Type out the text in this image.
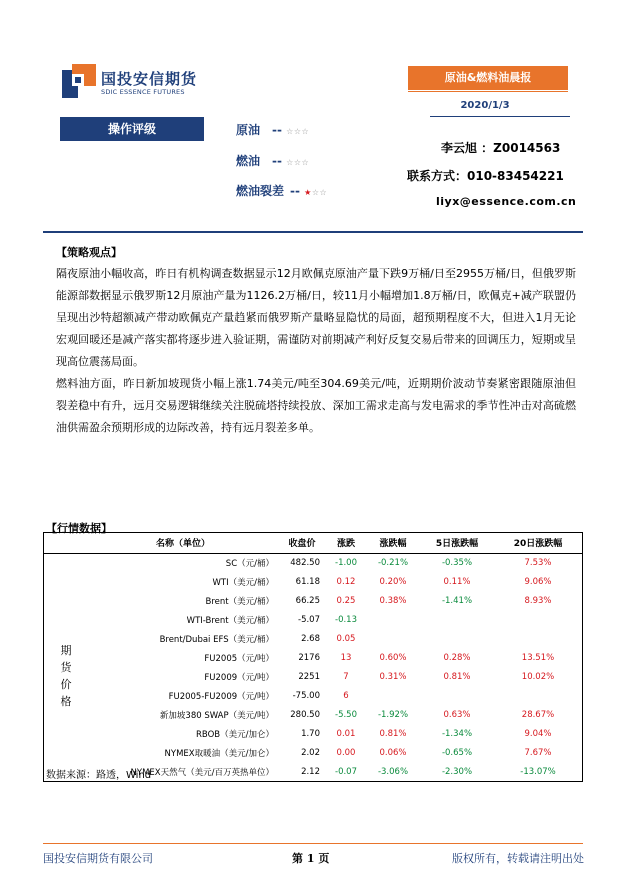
国投安信期货
SDIC ESSENCE FUTURES
原油&燃料油晨报
2020/1/3
操作评级	原油 -- ☆☆☆
燃油 -- ☆☆☆
燃油裂差 -- ★☆☆
李云旭 ：Z0014563
联系方式：010-83454221
liyx@essence.com.cn
【策略观点】
隔夜原油小幅收高，昨日有机构调查数据显示12月欧佩克原油产量下跌9万桶/日至2955万桶/日，但俄罗斯能源部数据显示俄罗斯12月原油产量为1126.2万桶/日，较11月小幅增加1.8万桶/日，欧佩克+减产联盟仍呈现出沙特超额减产带动欧佩克产量趋紧而俄罗斯产量略显隐忧的局面，超预期程度不大，但进入1月无论宏观回暖还是减产落实都将逐步进入验证期，需谨防对前期减产利好反复交易后带来的回调压力，短期或呈现高位震荡局面。
燃料油方面，昨日新加坡现货小幅上涨1.74美元/吨至304.69美元/吨，近期期价波动节奏紧密跟随原油但裂差稳中有升，远月交易逻辑继续关注脱硫塔持续投放、深加工需求走高与发电需求的季节性冲击对高硫燃油供需盈余预期形成的边际改善，持有远月裂差多单。
【行情数据】
	名称（单位）	收盘价	涨跌	涨跌幅	5日涨跌幅	20日涨跌幅
期
货
价
格	SC（元/桶）	482.50	-1.00	-0.21%	-0.35%	7.53%
	WTI（美元/桶）	61.18	0.12	0.20%	0.11%	9.06%
	Brent（美元/桶）	66.25	0.25	0.38%	-1.41%	8.93%
	WTI-Brent（美元/桶）	-5.07	-0.13			
	Brent/Dubai EFS（美元/桶）	2.68	0.05			
	FU2005（元/吨）	2176	13	0.60%	0.28%	13.51%
	FU2009（元/吨）	2251	7	0.31%	0.81%	10.02%
	FU2005-FU2009（元/吨）	-75.00	6			
	新加坡380 SWAP（美元/吨）	280.50	-5.50	-1.92%	0.63%	28.67%
	RBOB（美元/加仑）	1.70	0.01	0.81%	-1.34%	9.04%
	NYMEX取暖油（美元/加仑）	2.02	0.00	0.06%	-0.65%	7.67%
	NYMEX天然气（美元/百万英热单位）	2.12	-0.07	-3.06%	-2.30%	-13.07%
数据来源：路透，Wind
国投安信期货有限公司	第 1 页	版权所有，转载请注明出处
